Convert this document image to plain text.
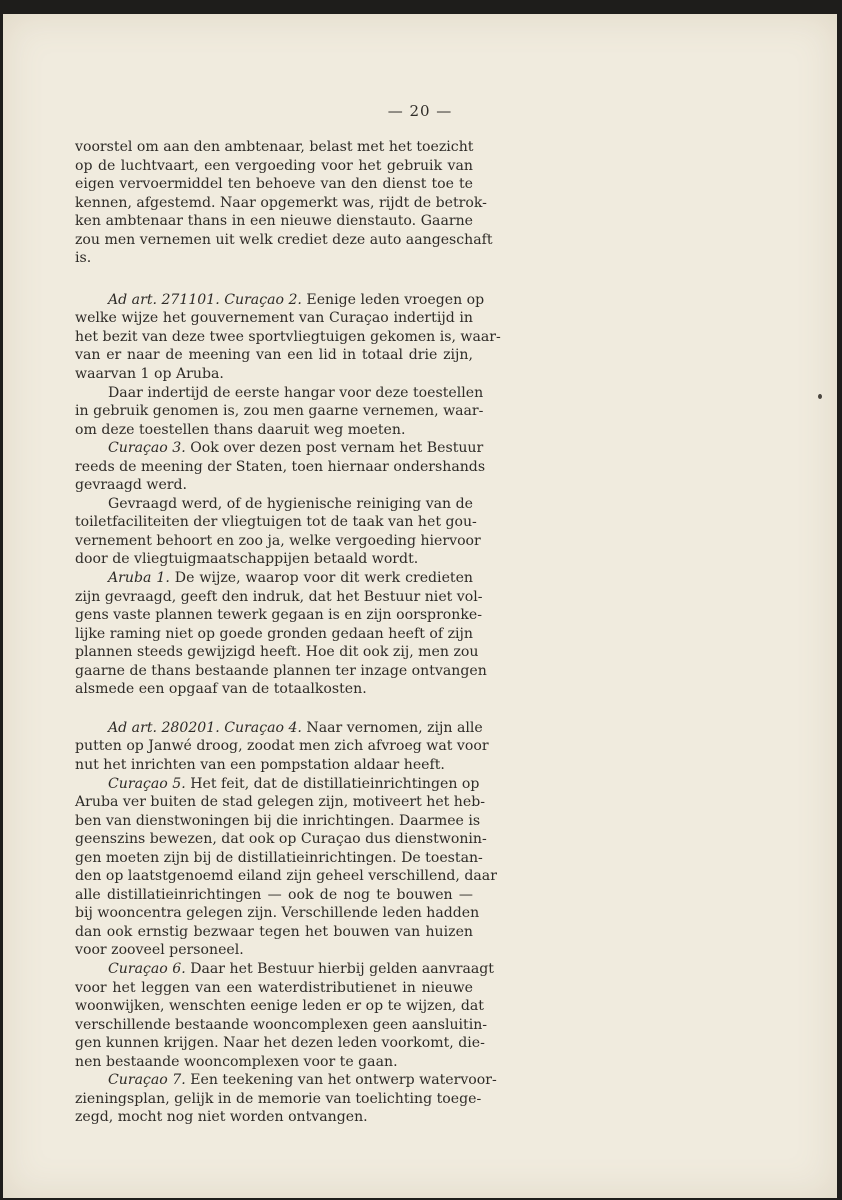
— 20 —
voorstel om aan den ambtenaar, belast met het toezicht
op de luchtvaart, een vergoeding voor het gebruik van
eigen vervoermiddel ten behoeve van den dienst toe te
kennen, afgestemd. Naar opgemerkt was, rijdt de betrok-
ken ambtenaar thans in een nieuwe dienstauto. Gaarne
zou men vernemen uit welk crediet deze auto aangeschaft
is.
Ad art. 271101. Curaçao 2. Eenige leden vroegen op
welke wijze het gouvernement van Curaçao indertijd in
het bezit van deze twee sportvliegtuigen gekomen is, waar-
van er naar de meening van een lid in totaal drie zijn,
waarvan 1 op Aruba.
Daar indertijd de eerste hangar voor deze toestellen
in gebruik genomen is, zou men gaarne vernemen, waar-
om deze toestellen thans daaruit weg moeten.
Curaçao 3. Ook over dezen post vernam het Bestuur
reeds de meening der Staten, toen hiernaar ondershands
gevraagd werd.
Gevraagd werd, of de hygienische reiniging van de
toiletfaciliteiten der vliegtuigen tot de taak van het gou-
vernement behoort en zoo ja, welke vergoeding hiervoor
door de vliegtuigmaatschappijen betaald wordt.
Aruba 1. De wijze, waarop voor dit werk credieten
zijn gevraagd, geeft den indruk, dat het Bestuur niet vol-
gens vaste plannen tewerk gegaan is en zijn oorspronke-
lijke raming niet op goede gronden gedaan heeft of zijn
plannen steeds gewijzigd heeft. Hoe dit ook zij, men zou
gaarne de thans bestaande plannen ter inzage ontvangen
alsmede een opgaaf van de totaalkosten.
Ad art. 280201. Curaçao 4. Naar vernomen, zijn alle
putten op Janwé droog, zoodat men zich afvroeg wat voor
nut het inrichten van een pompstation aldaar heeft.
Curaçao 5. Het feit, dat de distillatieinrichtingen op
Aruba ver buiten de stad gelegen zijn, motiveert het heb-
ben van dienstwoningen bij die inrichtingen. Daarmee is
geenszins bewezen, dat ook op Curaçao dus dienstwonin-
gen moeten zijn bij de distillatieinrichtingen. De toestan-
den op laatstgenoemd eiland zijn geheel verschillend, daar
alle distillatieinrichtingen — ook de nog te bouwen —
bij wooncentra gelegen zijn. Verschillende leden hadden
dan ook ernstig bezwaar tegen het bouwen van huizen
voor zooveel personeel.
Curaçao 6. Daar het Bestuur hierbij gelden aanvraagt
voor het leggen van een waterdistributienet in nieuwe
woonwijken, wenschten eenige leden er op te wijzen, dat
verschillende bestaande wooncomplexen geen aansluitin-
gen kunnen krijgen. Naar het dezen leden voorkomt, die-
nen bestaande wooncomplexen voor te gaan.
Curaçao 7. Een teekening van het ontwerp watervoor-
zieningsplan, gelijk in de memorie van toelichting toege-
zegd, mocht nog niet worden ontvangen.
